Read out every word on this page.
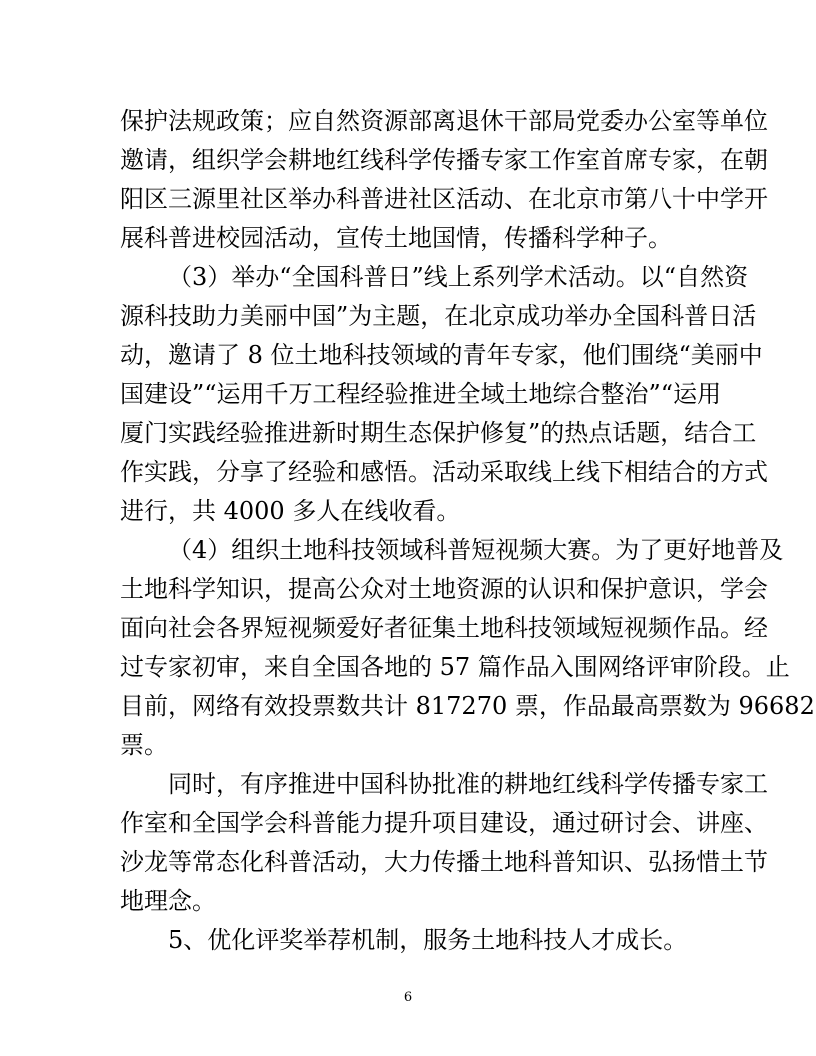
保护法规政策；应自然资源部离退休干部局党委办公室等单位
邀请，组织学会耕地红线科学传播专家工作室首席专家，在朝
阳区三源里社区举办科普进社区活动、在北京市第八十中学开
展科普进校园活动，宣传土地国情，传播科学种子。
（3）举办“全国科普日”线上系列学术活动。以“自然资
源科技助力美丽中国”为主题，在北京成功举办全国科普日活
动，邀请了 8 位土地科技领域的青年专家，他们围绕“美丽中
国建设”“运用千万工程经验推进全域土地综合整治”“运用
厦门实践经验推进新时期生态保护修复”的热点话题，结合工
作实践，分享了经验和感悟。活动采取线上线下相结合的方式
进行，共 4000 多人在线收看。
（4）组织土地科技领域科普短视频大赛。为了更好地普及
土地科学知识，提高公众对土地资源的认识和保护意识，学会
面向社会各界短视频爱好者征集土地科技领域短视频作品。经
过专家初审，来自全国各地的 57 篇作品入围网络评审阶段。止
目前，网络有效投票数共计 817270 票，作品最高票数为 96682
票。
同时，有序推进中国科协批准的耕地红线科学传播专家工
作室和全国学会科普能力提升项目建设，通过研讨会、讲座、
沙龙等常态化科普活动，大力传播土地科普知识、弘扬惜土节
地理念。
5、优化评奖举荐机制，服务土地科技人才成长。
6
